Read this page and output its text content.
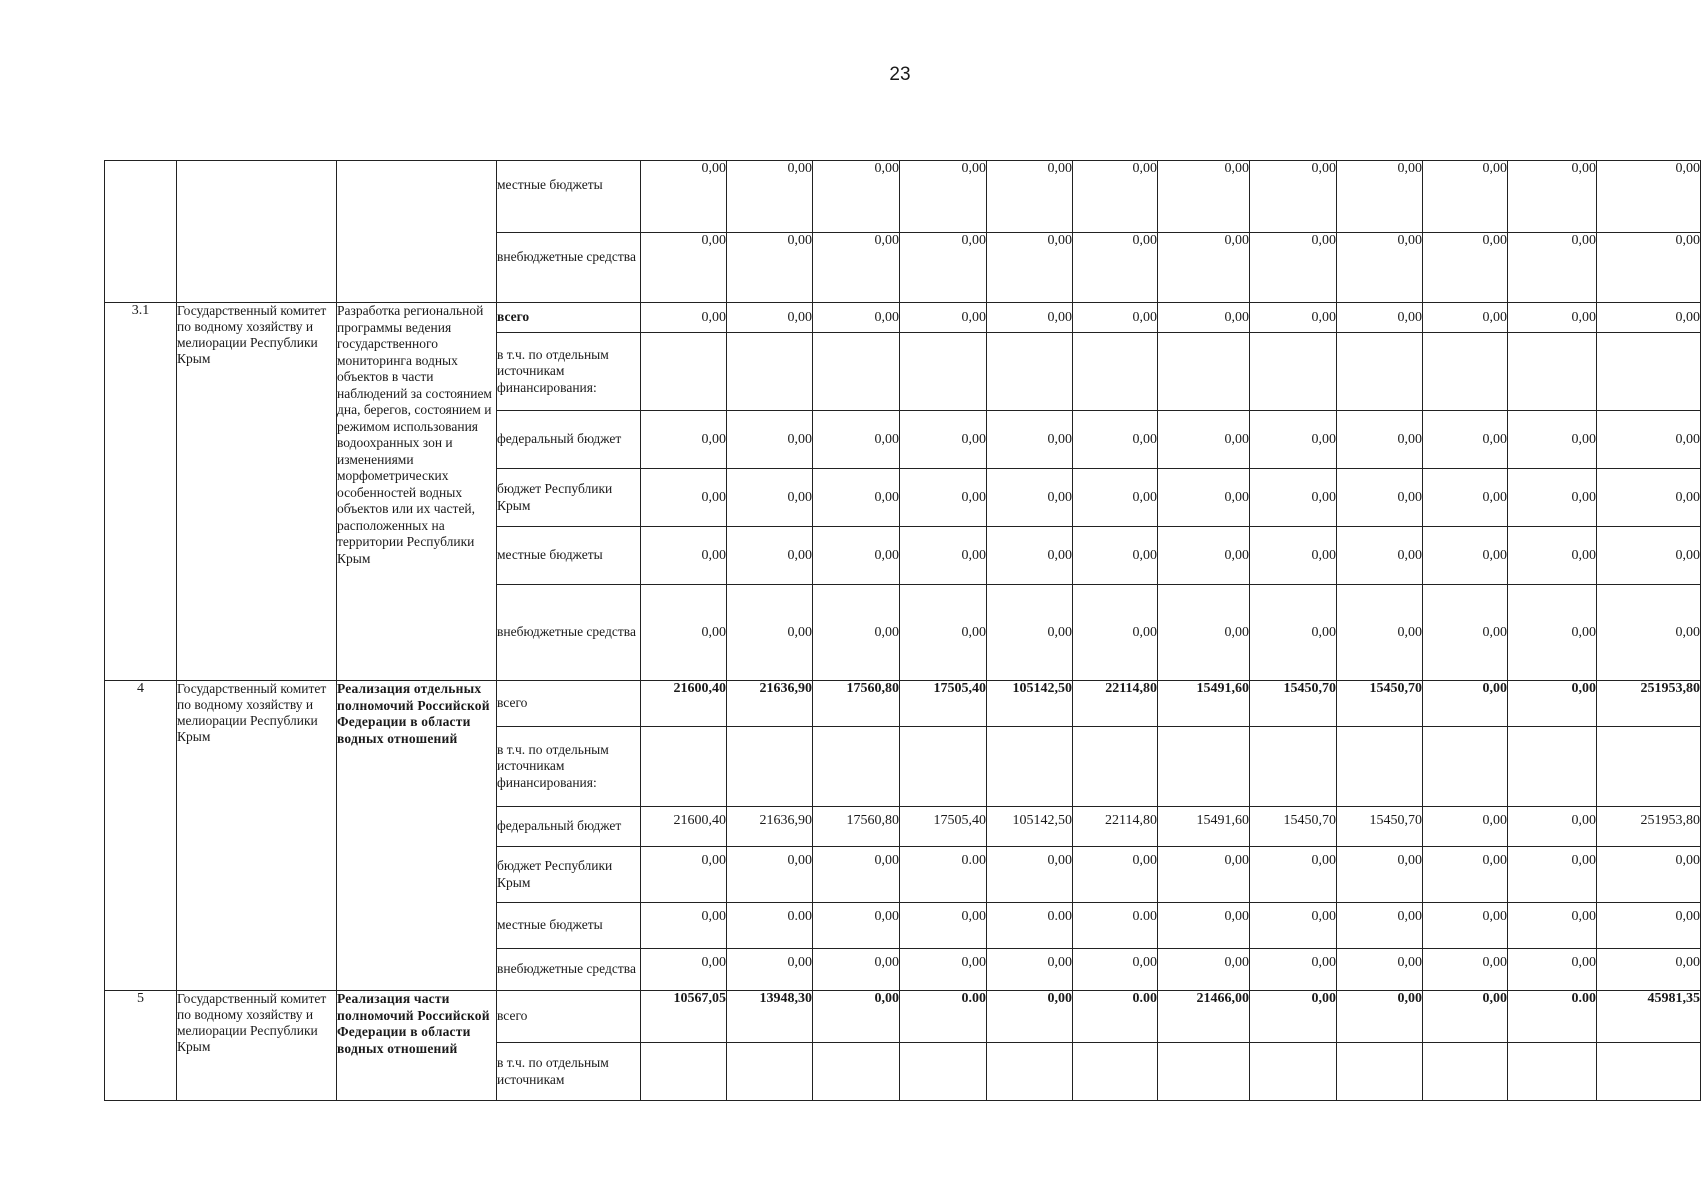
23
			местные бюджеты	0,00	0,00	0,00	0,00	0,00	0,00	0,00	0,00	0,00	0,00	0,00	0,00
			внебюджетные средства	0,00	0,00	0,00	0,00	0,00	0,00	0,00	0,00	0,00	0,00	0,00	0,00
3.1	Государственный комитет по водному хозяйству и мелиорации Республики Крым	Разработка региональной программы ведения государственного мониторинга водных объектов в части наблюдений за состоянием дна, берегов, состоянием и режимом использования водоохранных зон и изменениями морфометрических особенностей водных объектов или их частей, расположенных на территории Республики Крым	всего	0,00	0,00	0,00	0,00	0,00	0,00	0,00	0,00	0,00	0,00	0,00	0,00
			в т.ч. по отдельным источникам финансирования:												
			федеральный бюджет	0,00	0,00	0,00	0,00	0,00	0,00	0,00	0,00	0,00	0,00	0,00	0,00
			бюджет Республики Крым	0,00	0,00	0,00	0,00	0,00	0,00	0,00	0,00	0,00	0,00	0,00	0,00
			местные бюджеты	0,00	0,00	0,00	0,00	0,00	0,00	0,00	0,00	0,00	0,00	0,00	0,00
			внебюджетные средства	0,00	0,00	0,00	0,00	0,00	0,00	0,00	0,00	0,00	0,00	0,00	0,00
4	Государственный комитет по водному хозяйству и мелиорации Республики Крым	Реализация отдельных полномочий Российской Федерации в области водных отношений	всего	21600,40	21636,90	17560,80	17505,40	105142,50	22114,80	15491,60	15450,70	15450,70	0,00	0,00	251953,80
			в т.ч. по отдельным источникам финансирования:												
			федеральный бюджет	21600,40	21636,90	17560,80	17505,40	105142,50	22114,80	15491,60	15450,70	15450,70	0,00	0,00	251953,80
			бюджет Республики Крым	0,00	0,00	0,00	0.00	0,00	0,00	0,00	0,00	0,00	0,00	0,00	0,00
			местные бюджеты	0,00	0.00	0,00	0,00	0.00	0.00	0,00	0,00	0,00	0,00	0,00	0,00
			внебюджетные средства	0,00	0,00	0,00	0,00	0,00	0,00	0,00	0,00	0,00	0,00	0,00	0,00
5	Государственный комитет по водному хозяйству и мелиорации Республики Крым	Реализация части полномочий Российской Федерации в области водных отношений	всего	10567,05	13948,30	0,00	0.00	0,00	0.00	21466,00	0,00	0,00	0,00	0.00	45981,35
			в т.ч. по отдельным источникам												
